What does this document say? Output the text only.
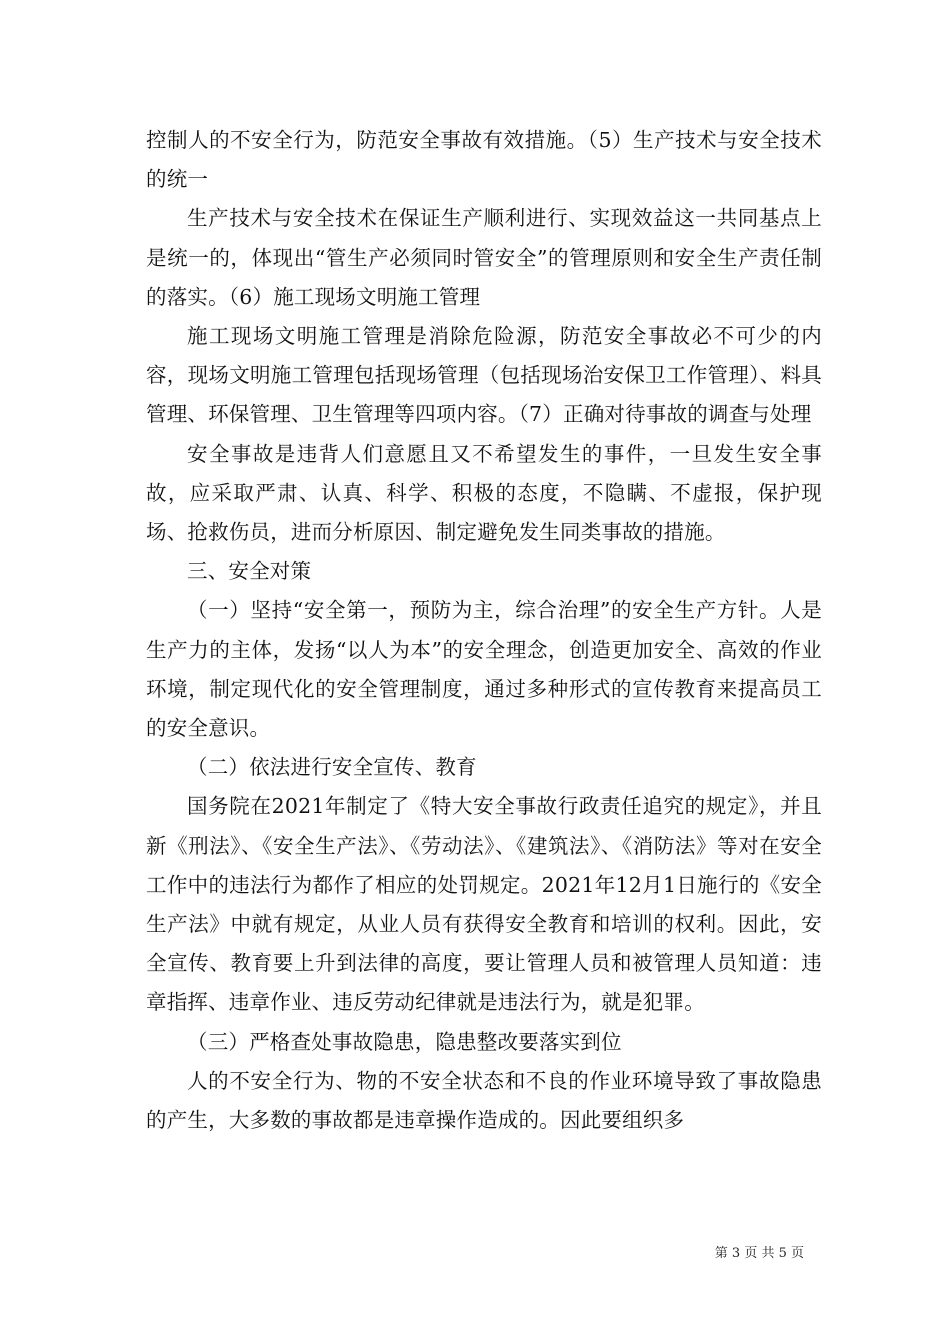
控制人的不安全行为，防范安全事故有效措施。（5）生产技术与安全技术的统一

生产技术与安全技术在保证生产顺利进行、实现效益这一共同基点上是统一的，体现出“管生产必须同时管安全”的管理原则和安全生产责任制的落实。（6）施工现场文明施工管理

施工现场文明施工管理是消除危险源，防范安全事故必不可少的内容，现场文明施工管理包括现场管理（包括现场治安保卫工作管理）、料具管理、环保管理、卫生管理等四项内容。（7）正确对待事故的调查与处理

安全事故是违背人们意愿且又不希望发生的事件，一旦发生安全事故，应采取严肃、认真、科学、积极的态度，不隐瞒、不虚报，保护现场、抢救伤员，进而分析原因、制定避免发生同类事故的措施。

三、安全对策

（一）坚持“安全第一，预防为主，综合治理”的安全生产方针。人是生产力的主体，发扬“以人为本”的安全理念，创造更加安全、高效的作业环境，制定现代化的安全管理制度，通过多种形式的宣传教育来提高员工的安全意识。

（二）依法进行安全宣传、教育

国务院在2021年制定了《特大安全事故行政责任追究的规定》，并且新《刑法》、《安全生产法》、《劳动法》、《建筑法》、《消防法》等对在安全工作中的违法行为都作了相应的处罚规定。2021年12月1日施行的《安全生产法》中就有规定，从业人员有获得安全教育和培训的权利。因此，安全宣传、教育要上升到法律的高度，要让管理人员和被管理人员知道：违章指挥、违章作业、违反劳动纪律就是违法行为，就是犯罪。

（三）严格查处事故隐患，隐患整改要落实到位

人的不安全行为、物的不安全状态和不良的作业环境导致了事故隐患的产生，大多数的事故都是违章操作造成的。因此要组织多

第 3 页 共 5 页
